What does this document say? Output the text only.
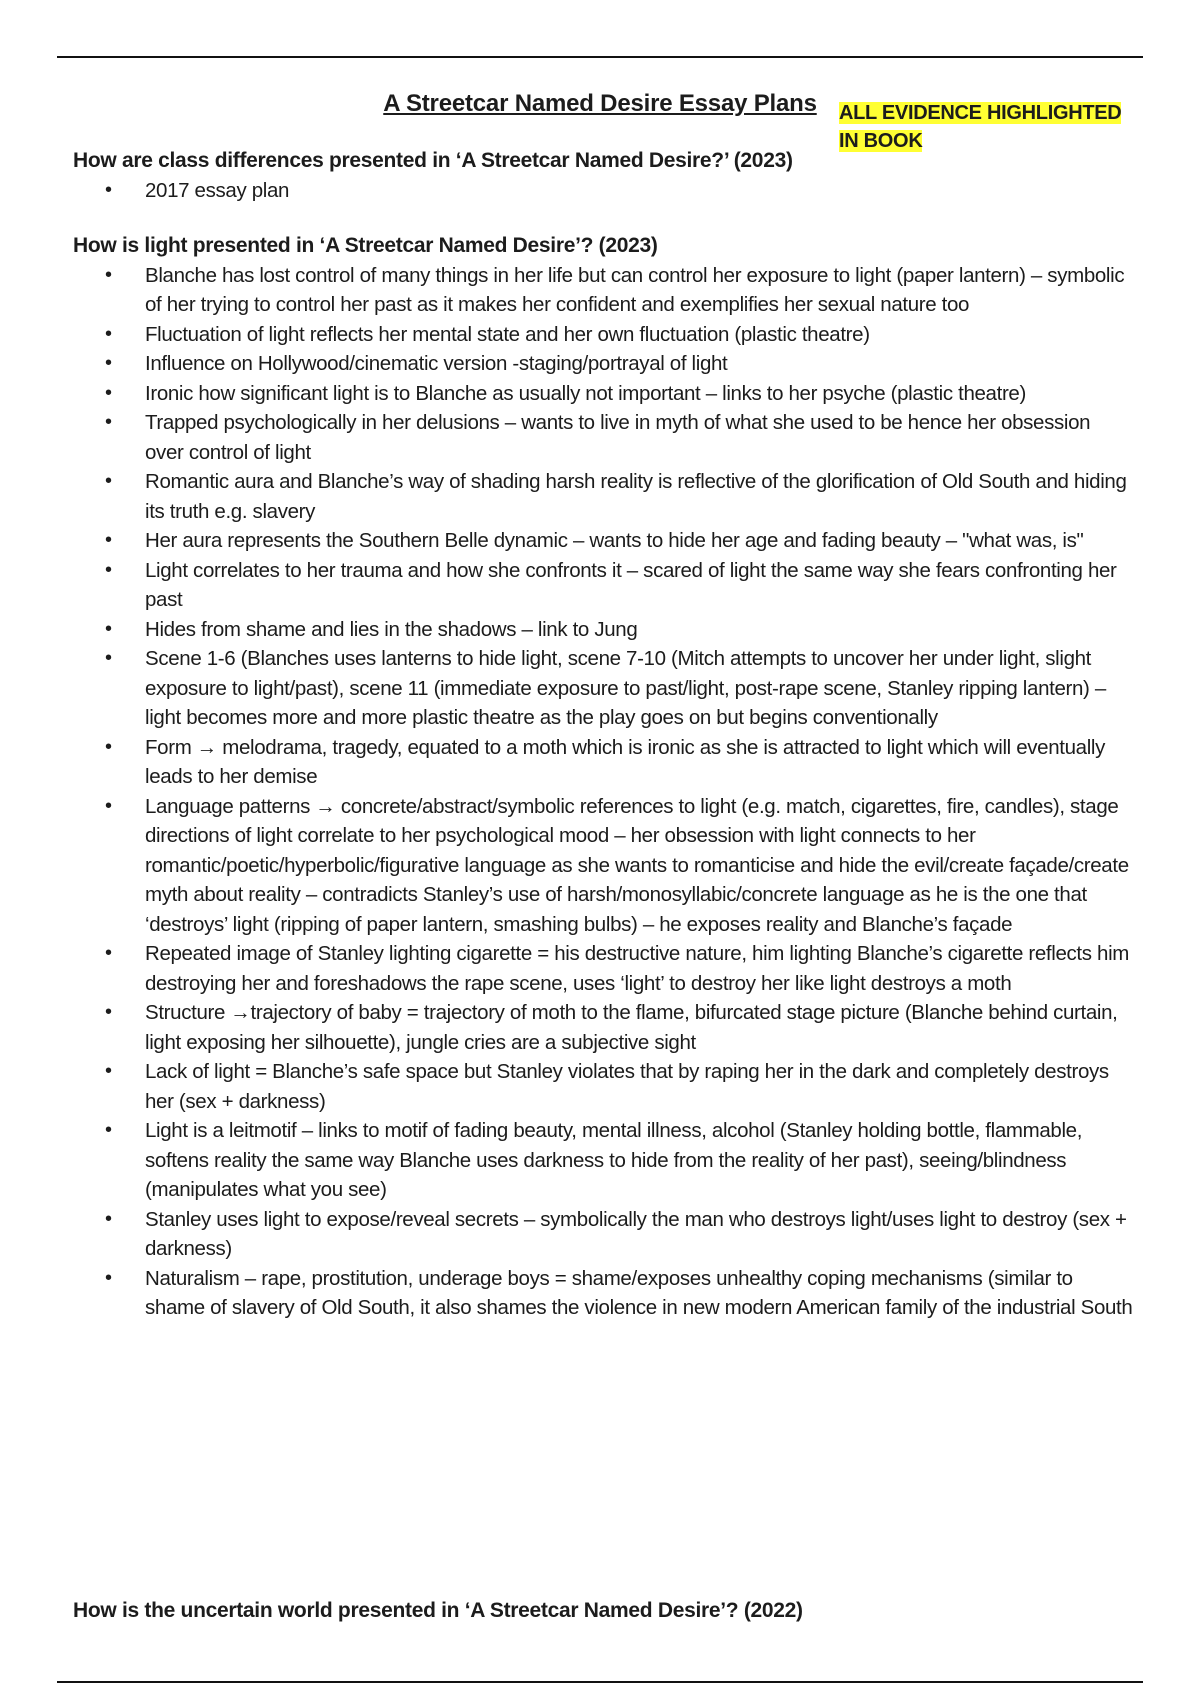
A Streetcar Named Desire Essay Plans	ALL EVIDENCE HIGHLIGHTED IN BOOK

How are class differences presented in ‘A Streetcar Named Desire?’ (2023)

• 2017 essay plan

How is light presented in ‘A Streetcar Named Desire’? (2023)

• Blanche has lost control of many things in her life but can control her exposure to light (paper lantern) – symbolic of her trying to control her past as it makes her confident and exemplifies her sexual nature too
• Fluctuation of light reflects her mental state and her own fluctuation (plastic theatre)
• Influence on Hollywood/cinematic version -staging/portrayal of light
• Ironic how significant light is to Blanche as usually not important – links to her psyche (plastic theatre)
• Trapped psychologically in her delusions – wants to live in myth of what she used to be hence her obsession over control of light
• Romantic aura and Blanche’s way of shading harsh reality is reflective of the glorification of Old South and hiding its truth e.g. slavery
• Her aura represents the Southern Belle dynamic – wants to hide her age and fading beauty – "what was, is"
• Light correlates to her trauma and how she confronts it – scared of light the same way she fears confronting her past
• Hides from shame and lies in the shadows – link to Jung
• Scene 1-6 (Blanches uses lanterns to hide light, scene 7-10 (Mitch attempts to uncover her under light, slight exposure to light/past), scene 11 (immediate exposure to past/light, post-rape scene, Stanley ripping lantern) – light becomes more and more plastic theatre as the play goes on but begins conventionally
• Form → melodrama, tragedy, equated to a moth which is ironic as she is attracted to light which will eventually leads to her demise
• Language patterns → concrete/abstract/symbolic references to light (e.g. match, cigarettes, fire, candles), stage directions of light correlate to her psychological mood – her obsession with light connects to her romantic/poetic/hyperbolic/figurative language as she wants to romanticise and hide the evil/create façade/create myth about reality – contradicts Stanley’s use of harsh/monosyllabic/concrete language as he is the one that ‘destroys’ light (ripping of paper lantern, smashing bulbs) – he exposes reality and Blanche’s façade
• Repeated image of Stanley lighting cigarette = his destructive nature, him lighting Blanche’s cigarette reflects him destroying her and foreshadows the rape scene, uses ‘light’ to destroy her like light destroys a moth
• Structure →trajectory of baby = trajectory of moth to the flame, bifurcated stage picture (Blanche behind curtain, light exposing her silhouette), jungle cries are a subjective sight
• Lack of light = Blanche’s safe space but Stanley violates that by raping her in the dark and completely destroys her (sex + darkness)
• Light is a leitmotif – links to motif of fading beauty, mental illness, alcohol (Stanley holding bottle, flammable, softens reality the same way Blanche uses darkness to hide from the reality of her past), seeing/blindness (manipulates what you see)
• Stanley uses light to expose/reveal secrets – symbolically the man who destroys light/uses light to destroy (sex + darkness)
• Naturalism – rape, prostitution, underage boys = shame/exposes unhealthy coping mechanisms (similar to shame of slavery of Old South, it also shames the violence in new modern American family of the industrial South

How is the uncertain world presented in ‘A Streetcar Named Desire’? (2022)
